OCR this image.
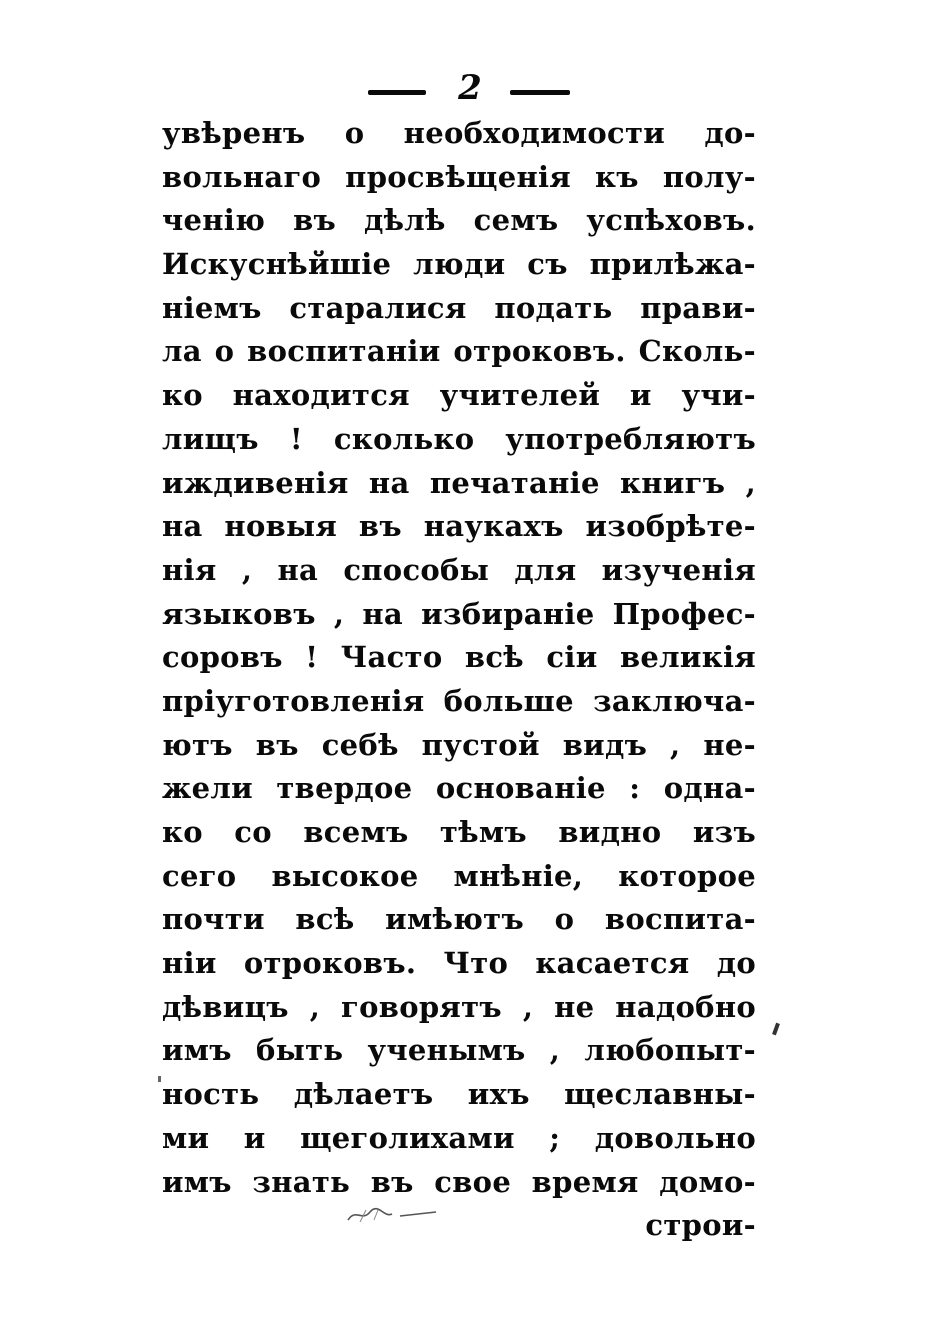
2
увѣренъ о необходимости до-
вольнаго просвѣщенія къ полу-
ченію въ дѣлѣ семъ успѣховъ.
Искуснѣйшіе люди съ прилѣжа-
ніемъ старалися подать прави-
ла о воспитаніи отроковъ. Сколь-
ко находится учителей и учи-
лищъ ! сколько употребляютъ
иждивенія на печатаніе книгъ ,
на новыя въ наукахъ изобрѣте-
нія , на способы для изученія
языковъ , на избираніе Профес-
соровъ ! Часто всѣ сіи великія
пріуготовленія больше заключа-
ютъ въ себѣ пустой видъ , не-
жели твердое основаніе : одна-
ко со всемъ тѣмъ видно изъ
сего высокое мнѣніе, которое
почти всѣ имѣютъ о воспита-
ніи отроковъ. Что касается до
дѣвицъ , говорятъ , не надобно
имъ быть ученымъ , любопыт-
ность дѣлаетъ ихъ щеславны-
ми и щеголихами ; довольно
имъ знать въ свое время домо-
строи-
